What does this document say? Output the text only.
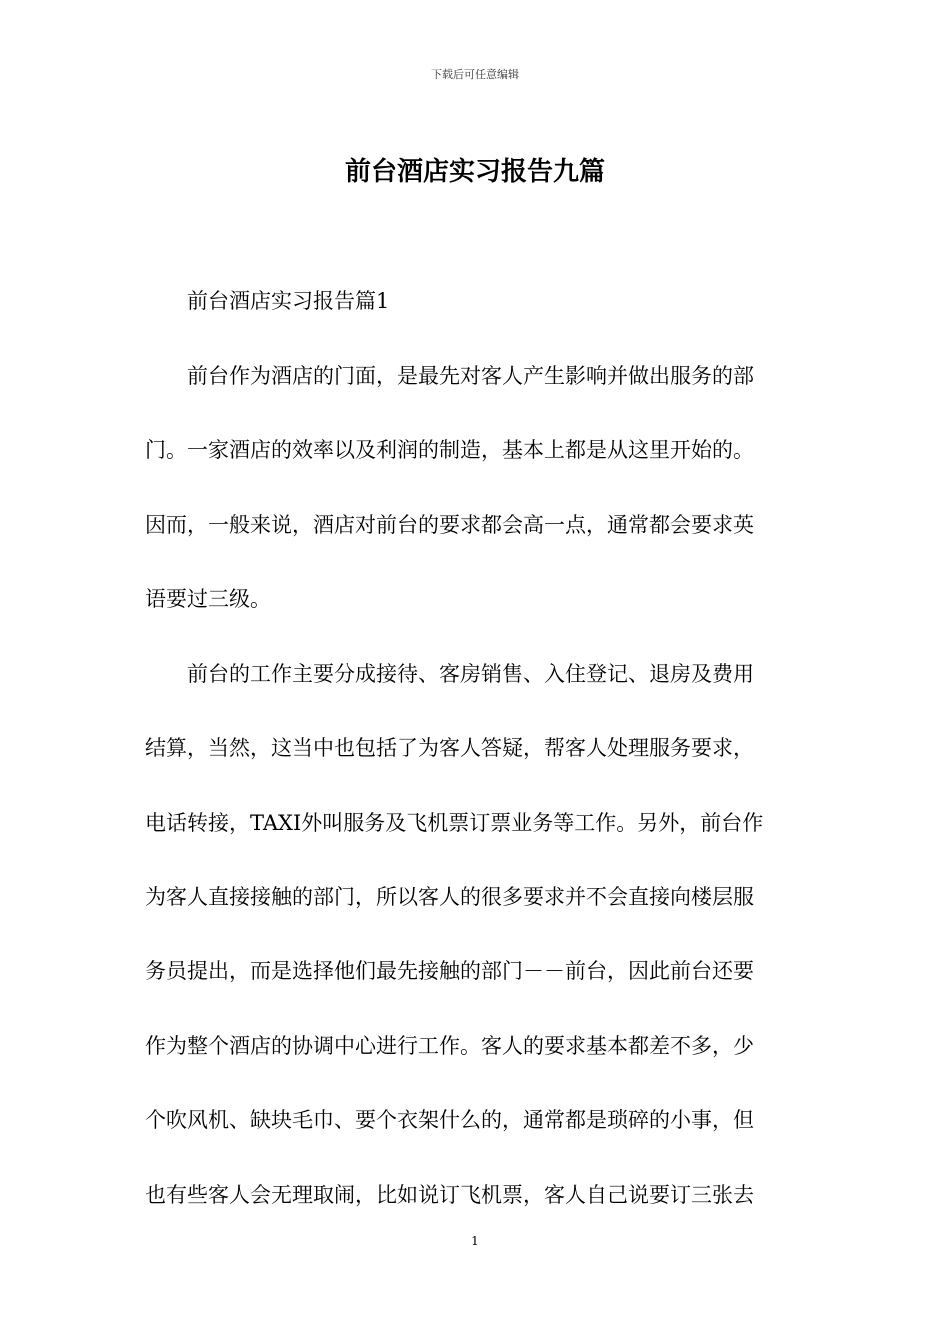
下载后可任意编辑
前台酒店实习报告九篇
前台酒店实习报告篇1
前台作为酒店的门面，是最先对客人产生影响并做出服务的部
门。一家酒店的效率以及利润的制造，基本上都是从这里开始的。
因而，一般来说，酒店对前台的要求都会高一点，通常都会要求英
语要过三级。
前台的工作主要分成接待、客房销售、入住登记、退房及费用
结算，当然，这当中也包括了为客人答疑，帮客人处理服务要求，
电话转接，TAXI外叫服务及飞机票订票业务等工作。另外，前台作
为客人直接接触的部门，所以客人的很多要求并不会直接向楼层服
务员提出，而是选择他们最先接触的部门－－前台，因此前台还要
作为整个酒店的协调中心进行工作。客人的要求基本都差不多，少
个吹风机、缺块毛巾、要个衣架什么的，通常都是琐碎的小事，但
也有些客人会无理取闹，比如说订飞机票，客人自己说要订三张去
1
